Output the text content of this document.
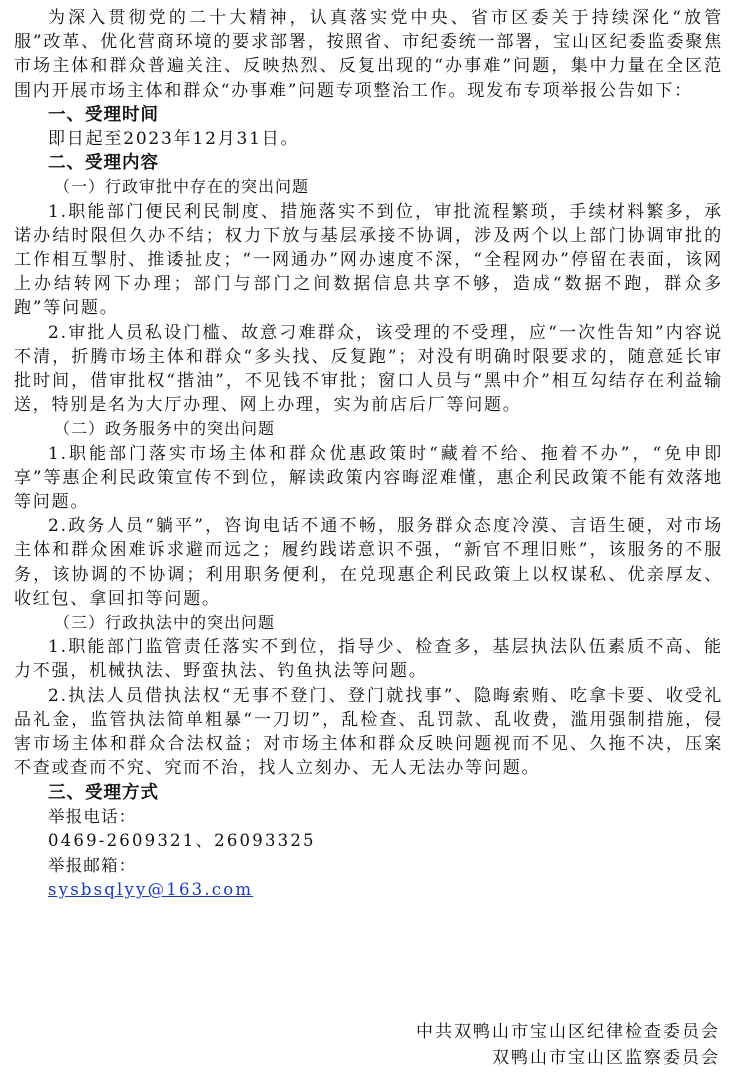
为深入贯彻党的二十大精神，认真落实党中央、省市区委关于持续深化“放管服”改革、优化营商环境的要求部署，按照省、市纪委统一部署，宝山区纪委监委聚焦市场主体和群众普遍关注、反映热烈、反复出现的“办事难”问题，集中力量在全区范围内开展市场主体和群众“办事难”问题专项整治工作。现发布专项举报公告如下：

一、受理时间

即日起至2023年12月31日。

二、受理内容

（一）行政审批中存在的突出问题

1.职能部门便民利民制度、措施落实不到位，审批流程繁琐，手续材料繁多，承诺办结时限但久办不结；权力下放与基层承接不协调，涉及两个以上部门协调审批的工作相互掣肘、推诿扯皮；“一网通办”网办速度不深，“全程网办”停留在表面，该网上办结转网下办理；部门与部门之间数据信息共享不够，造成“数据不跑，群众多跑”等问题。

2.审批人员私设门槛、故意刁难群众，该受理的不受理，应“一次性告知”内容说不清，折腾市场主体和群众“多头找、反复跑”；对没有明确时限要求的，随意延长审批时间，借审批权“揩油”，不见钱不审批；窗口人员与“黑中介”相互勾结存在利益输送，特别是名为大厅办理、网上办理，实为前店后厂等问题。

（二）政务服务中的突出问题

1.职能部门落实市场主体和群众优惠政策时“藏着不给、拖着不办”，“免申即享”等惠企利民政策宣传不到位，解读政策内容晦涩难懂，惠企利民政策不能有效落地等问题。

2.政务人员“躺平”，咨询电话不通不畅，服务群众态度冷漠、言语生硬，对市场主体和群众困难诉求避而远之；履约践诺意识不强，“新官不理旧账”，该服务的不服务，该协调的不协调；利用职务便利，在兑现惠企利民政策上以权谋私、优亲厚友、收红包、拿回扣等问题。

（三）行政执法中的突出问题

1.职能部门监管责任落实不到位，指导少、检查多，基层执法队伍素质不高、能力不强，机械执法、野蛮执法、钓鱼执法等问题。

2.执法人员借执法权“无事不登门、登门就找事”、隐晦索贿、吃拿卡要、收受礼品礼金，监管执法简单粗暴“一刀切”，乱检查、乱罚款、乱收费，滥用强制措施，侵害市场主体和群众合法权益；对市场主体和群众反映问题视而不见、久拖不决，压案不查或查而不究、究而不治，找人立刻办、无人无法办等问题。

三、受理方式

举报电话：

0469-2609321、26093325

举报邮箱：

sysbsqlyy@163.com

中共双鸭山市宝山区纪律检查委员会
双鸭山市宝山区监察委员会
